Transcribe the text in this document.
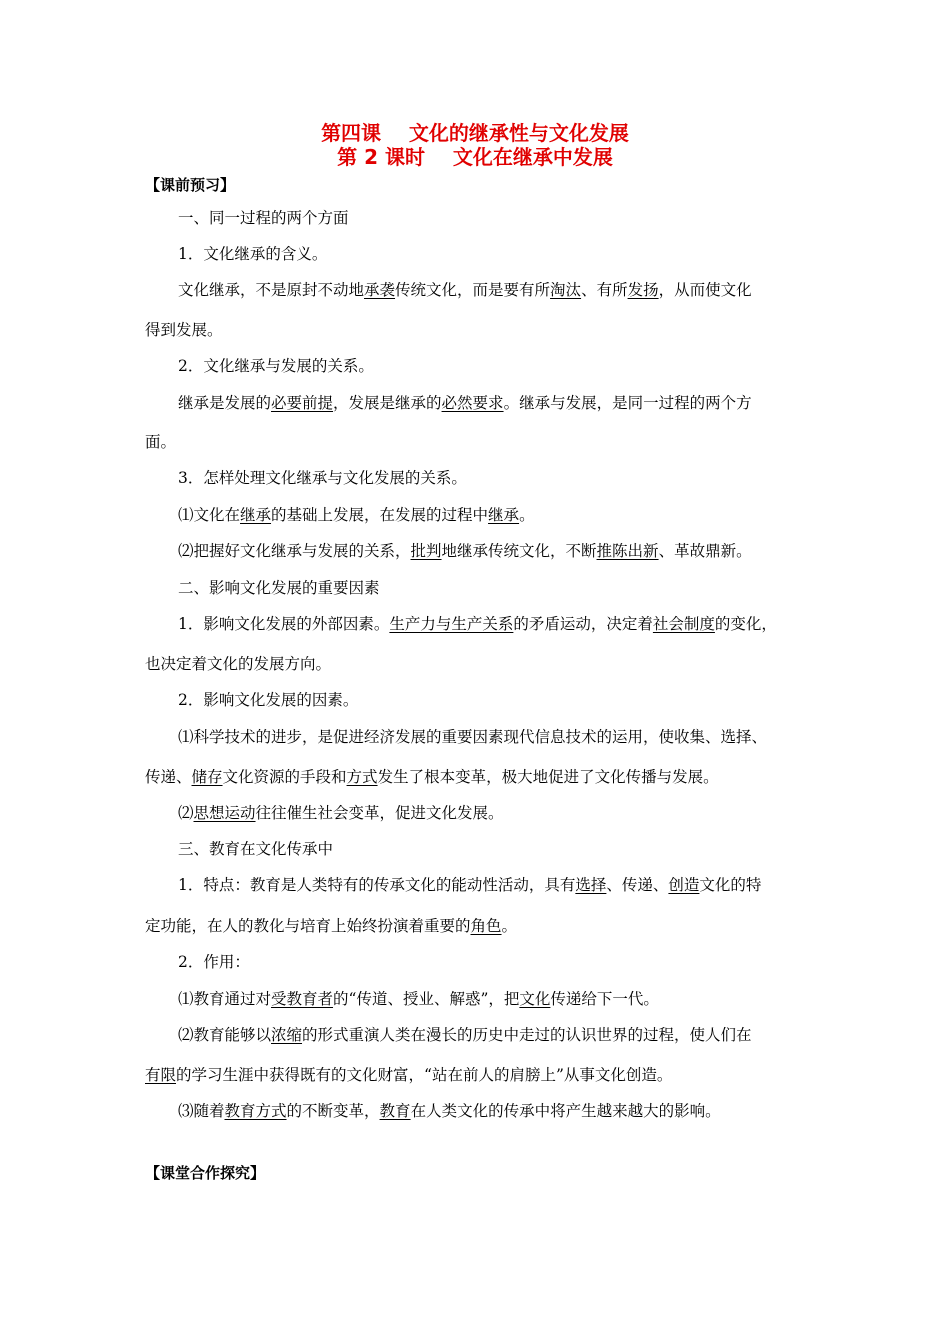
第四课    文化的继承性与文化发展
第 2 课时    文化在继承中发展
【课前预习】
一、同一过程的两个方面
1．文化继承的含义。
文化继承，不是原封不动地承袭传统文化，而是要有所淘汰、有所发扬，从而使文化
得到发展。
2．文化继承与发展的关系。
继承是发展的必要前提，发展是继承的必然要求。继承与发展，是同一过程的两个方
面。
3．怎样处理文化继承与文化发展的关系。
⑴文化在继承的基础上发展，在发展的过程中继承。
⑵把握好文化继承与发展的关系，批判地继承传统文化，不断推陈出新、革故鼎新。
二、影响文化发展的重要因素
1．影响文化发展的外部因素。生产力与生产关系的矛盾运动，决定着社会制度的变化，
也决定着文化的发展方向。
2．影响文化发展的因素。
⑴科学技术的进步，是促进经济发展的重要因素现代信息技术的运用，使收集、选择、
传递、储存文化资源的手段和方式发生了根本变革，极大地促进了文化传播与发展。
⑵思想运动往往催生社会变革，促进文化发展。
三、教育在文化传承中
1．特点：教育是人类特有的传承文化的能动性活动，具有选择、传递、创造文化的特
定功能，在人的教化与培育上始终扮演着重要的角色。
2．作用：
⑴教育通过对受教育者的“传道、授业、解惑”，把文化传递给下一代。
⑵教育能够以浓缩的形式重演人类在漫长的历史中走过的认识世界的过程，使人们在
有限的学习生涯中获得既有的文化财富，“站在前人的肩膀上”从事文化创造。
⑶随着教育方式的不断变革，教育在人类文化的传承中将产生越来越大的影响。
【课堂合作探究】
